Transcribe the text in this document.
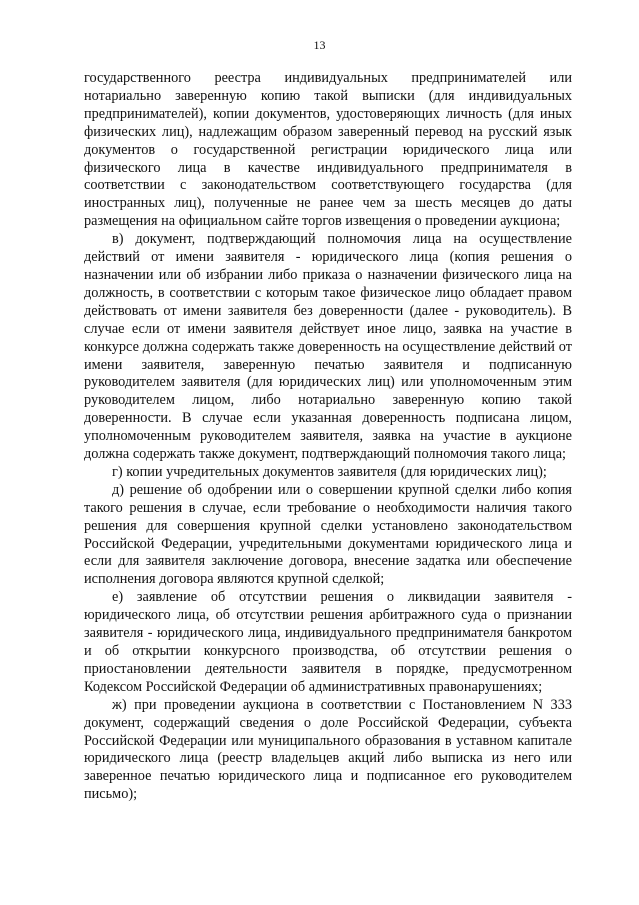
13

государственного реестра индивидуальных предпринимателей или нотариально заверенную копию такой выписки (для индивидуальных предпринимателей), копии документов, удостоверяющих личность (для иных физических лиц), надлежащим образом заверенный перевод на русский язык документов о государственной регистрации юридического лица или физического лица в качестве индивидуального предпринимателя в соответствии с законодательством соответствующего государства (для иностранных лиц), полученные не ранее чем за шесть месяцев до даты размещения на официальном сайте торгов извещения о проведении аукциона;

в) документ, подтверждающий полномочия лица на осуществление действий от имени заявителя - юридического лица (копия решения о назначении или об избрании либо приказа о назначении физического лица на должность, в соответствии с которым такое физическое лицо обладает правом действовать от имени заявителя без доверенности (далее - руководитель). В случае если от имени заявителя действует иное лицо, заявка на участие в конкурсе должна содержать также доверенность на осуществление действий от имени заявителя, заверенную печатью заявителя и подписанную руководителем заявителя (для юридических лиц) или уполномоченным этим руководителем лицом, либо нотариально заверенную копию такой доверенности. В случае если указанная доверенность подписана лицом, уполномоченным руководителем заявителя, заявка на участие в аукционе должна содержать также документ, подтверждающий полномочия такого лица;

г) копии учредительных документов заявителя (для юридических лиц);

д) решение об одобрении или о совершении крупной сделки либо копия такого решения в случае, если требование о необходимости наличия такого решения для совершения крупной сделки установлено законодательством Российской Федерации, учредительными документами юридического лица и если для заявителя заключение договора, внесение задатка или обеспечение исполнения договора являются крупной сделкой;

е) заявление об отсутствии решения о ликвидации заявителя - юридического лица, об отсутствии решения арбитражного суда о признании заявителя - юридического лица, индивидуального предпринимателя банкротом и об открытии конкурсного производства, об отсутствии решения о приостановлении деятельности заявителя в порядке, предусмотренном Кодексом Российской Федерации об административных правонарушениях;

ж) при проведении аукциона в соответствии с Постановлением N 333 документ, содержащий сведения о доле Российской Федерации, субъекта Российской Федерации или муниципального образования в уставном капитале юридического лица (реестр владельцев акций либо выписка из него или заверенное печатью юридического лица и подписанное его руководителем письмо);
